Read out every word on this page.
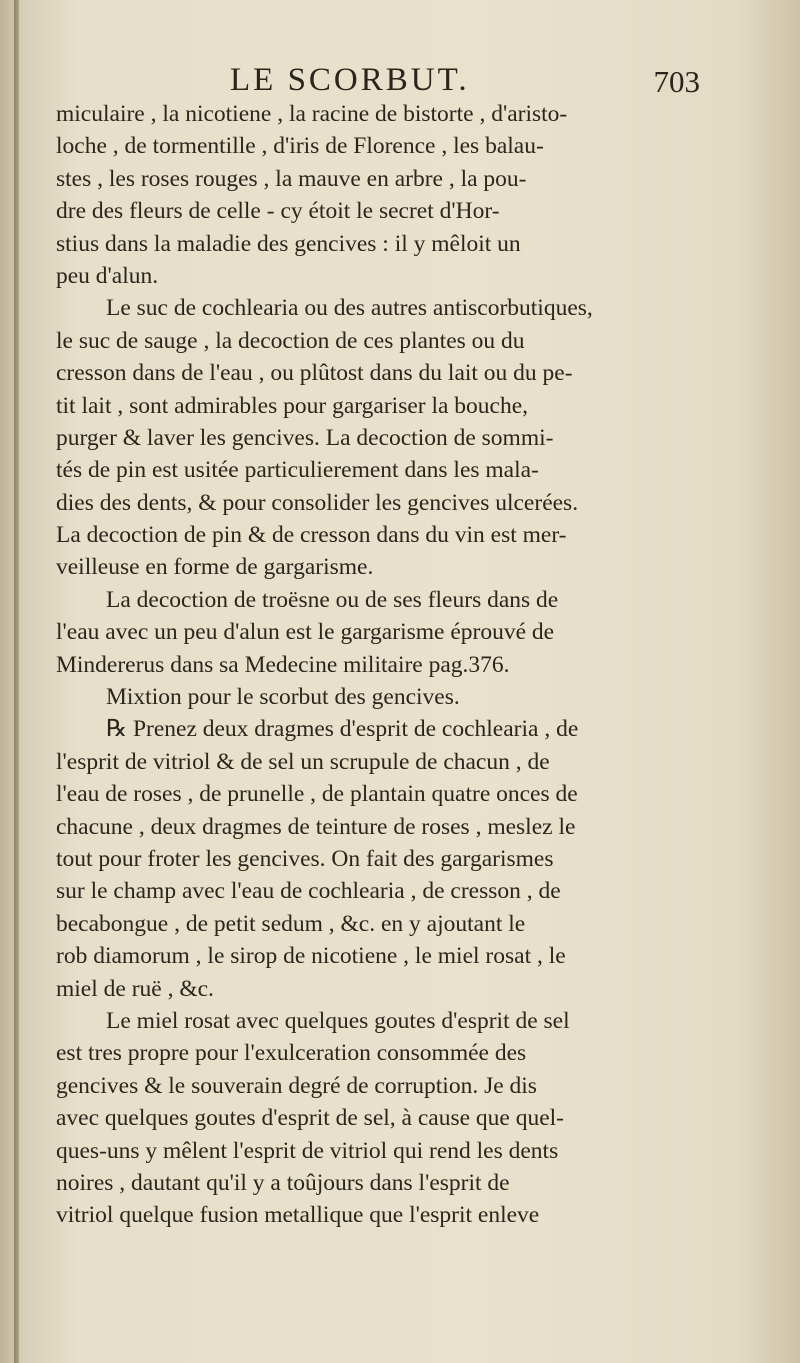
LE SCORBUT.	703
miculaire , la nicotiene , la racine de bistorte , d'aristo-
loche , de tormentille , d'iris de Florence , les balau-
stes , les roses rouges , la mauve en arbre , la pou-
dre des fleurs de celle - cy étoit le secret d'Hor-
stius dans la maladie des gencives : il y mêloit un
peu d'alun.
Le suc de cochlearia ou des autres antiscorbutiques,
le suc de sauge , la decoction de ces plantes ou du
cresson dans de l'eau , ou plûtost dans du lait ou du pe-
tit lait , sont admirables pour gargariser la bouche,
purger & laver les gencives. La decoction de sommi-
tés de pin est usitée particulierement dans les mala-
dies des dents, & pour consolider les gencives ulcerées.
La decoction de pin & de cresson dans du vin est mer-
veilleuse en forme de gargarisme.
La decoction de troësne ou de ses fleurs dans de
l'eau avec un peu d'alun est le gargarisme éprouvé de
Mindererus dans sa Medecine militaire pag.376.
Mixtion pour le scorbut des gencives.
℞ Prenez deux dragmes d'esprit de cochlearia , de
l'esprit de vitriol & de sel un scrupule de chacun , de
l'eau de roses , de prunelle , de plantain quatre onces de
chacune , deux dragmes de teinture de roses , meslez le
tout pour froter les gencives. On fait des gargarismes
sur le champ avec l'eau de cochlearia , de cresson , de
becabongue , de petit sedum , &c. en y ajoutant le
rob diamorum , le sirop de nicotiene , le miel rosat , le
miel de ruë , &c.
Le miel rosat avec quelques goutes d'esprit de sel
est tres propre pour l'exulceration consommée des
gencives & le souverain degré de corruption. Je dis
avec quelques goutes d'esprit de sel, à cause que quel-
ques-uns y mêlent l'esprit de vitriol qui rend les dents
noires , dautant qu'il y a toûjours dans l'esprit de
vitriol quelque fusion metallique que l'esprit enleve
